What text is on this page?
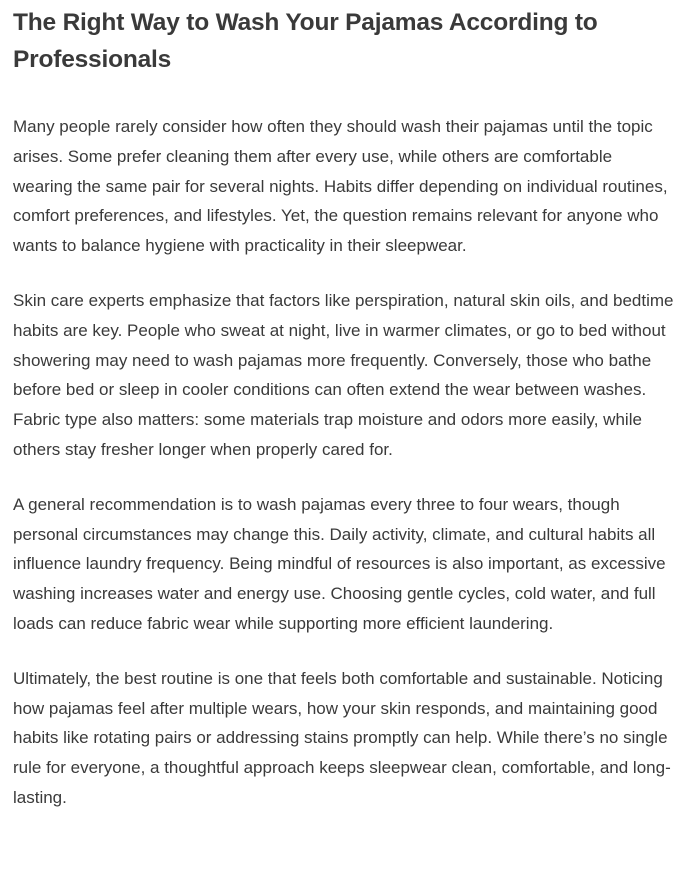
The Right Way to Wash Your Pajamas According to Professionals

Many people rarely consider how often they should wash their pajamas until the topic arises. Some prefer cleaning them after every use, while others are comfortable wearing the same pair for several nights. Habits differ depending on individual routines, comfort preferences, and lifestyles. Yet, the question remains relevant for anyone who wants to balance hygiene with practicality in their sleepwear.

Skin care experts emphasize that factors like perspiration, natural skin oils, and bedtime habits are key. People who sweat at night, live in warmer climates, or go to bed without showering may need to wash pajamas more frequently. Conversely, those who bathe before bed or sleep in cooler conditions can often extend the wear between washes. Fabric type also matters: some materials trap moisture and odors more easily, while others stay fresher longer when properly cared for.

A general recommendation is to wash pajamas every three to four wears, though personal circumstances may change this. Daily activity, climate, and cultural habits all influence laundry frequency. Being mindful of resources is also important, as excessive washing increases water and energy use. Choosing gentle cycles, cold water, and full loads can reduce fabric wear while supporting more efficient laundering.

Ultimately, the best routine is one that feels both comfortable and sustainable. Noticing how pajamas feel after multiple wears, how your skin responds, and maintaining good habits like rotating pairs or addressing stains promptly can help. While there’s no single rule for everyone, a thoughtful approach keeps sleepwear clean, comfortable, and long-lasting.
